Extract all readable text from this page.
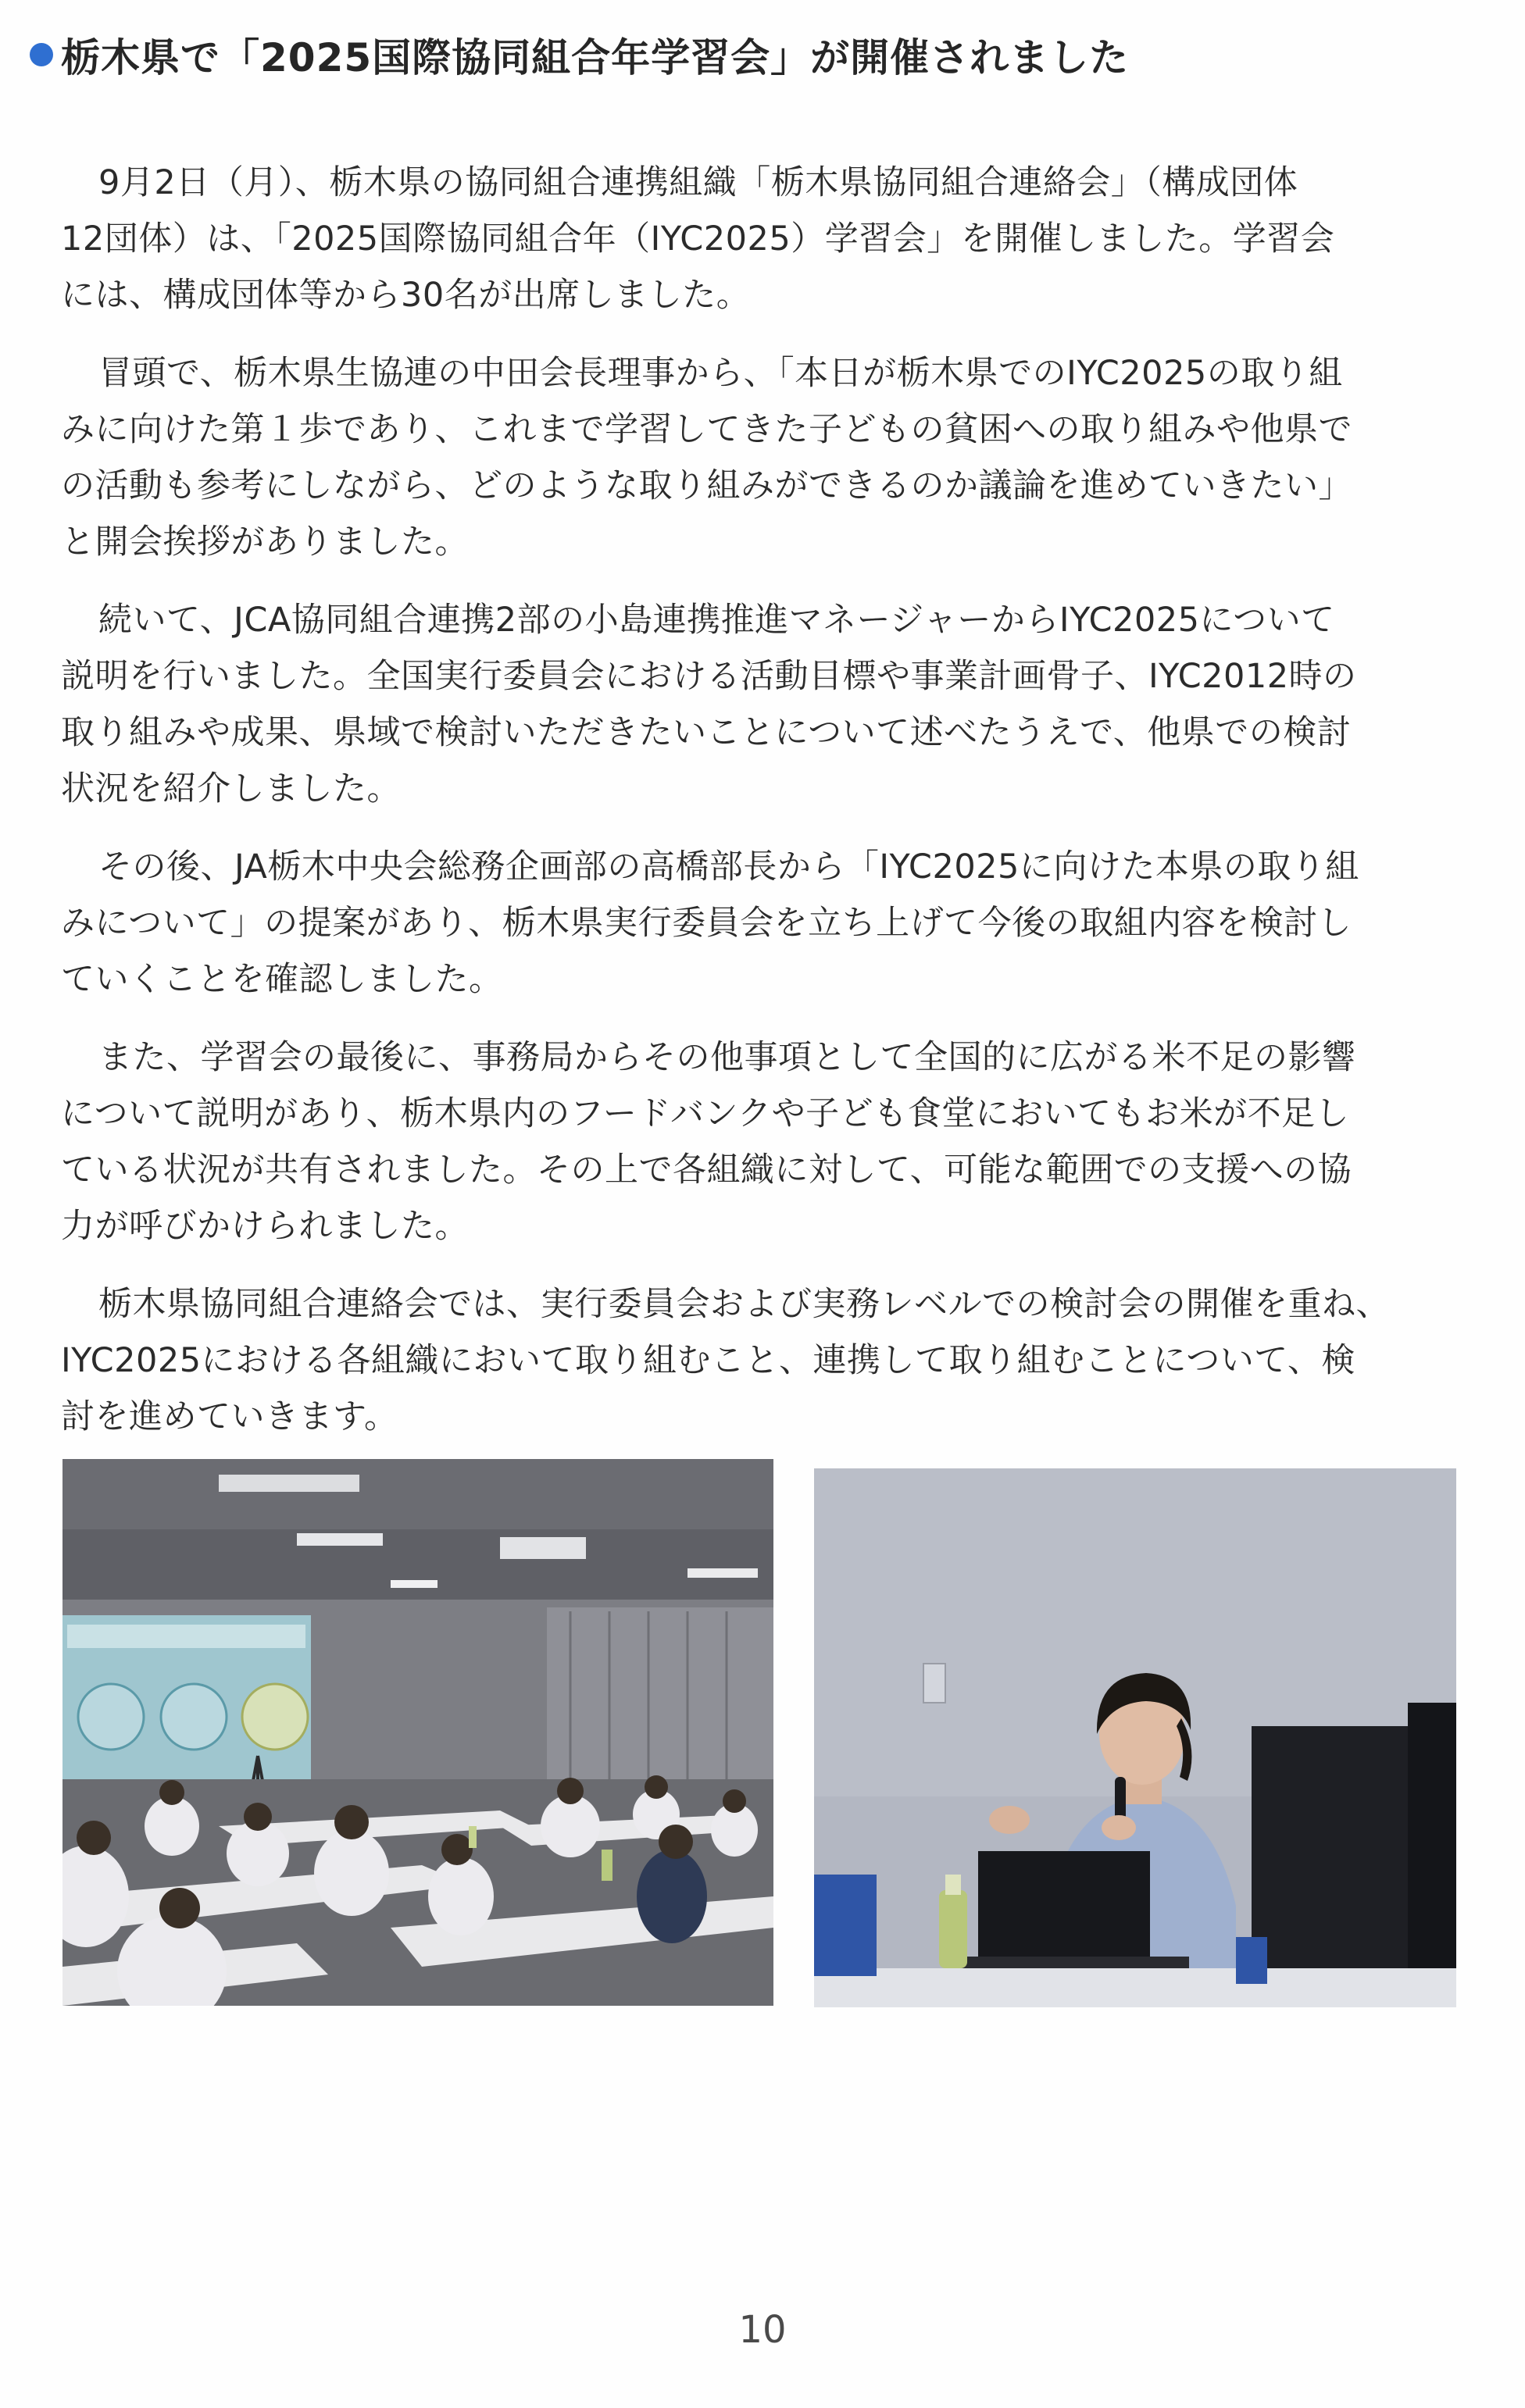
栃木県で「2025国際協同組合年学習会」が開催されました

9月2日（月）、栃木県の協同組合連携組織「栃木県協同組合連絡会」（構成団体
12団体）は、「2025国際協同組合年（IYC2025）学習会」を開催しました。学習会
には、構成団体等から30名が出席しました。

冒頭で、栃木県生協連の中田会長理事から、「本日が栃木県でのIYC2025の取り組
みに向けた第１歩であり、これまで学習してきた子どもの貧困への取り組みや他県で
の活動も参考にしながら、どのような取り組みができるのか議論を進めていきたい」
と開会挨拶がありました。

続いて、JCA協同組合連携2部の小島連携推進マネージャーからIYC2025について
説明を行いました。全国実行委員会における活動目標や事業計画骨子、IYC2012時の
取り組みや成果、県域で検討いただきたいことについて述べたうえで、他県での検討
状況を紹介しました。

その後、JA栃木中央会総務企画部の高橋部長から「IYC2025に向けた本県の取り組
みについて」の提案があり、栃木県実行委員会を立ち上げて今後の取組内容を検討し
ていくことを確認しました。

また、学習会の最後に、事務局からその他事項として全国的に広がる米不足の影響
について説明があり、栃木県内のフードバンクや子ども食堂においてもお米が不足し
ている状況が共有されました。その上で各組織に対して、可能な範囲での支援への協
力が呼びかけられました。

栃木県協同組合連絡会では、実行委員会および実務レベルでの検討会の開催を重ね、
IYC2025における各組織において取り組むこと、連携して取り組むことについて、検
討を進めていきます。

10
